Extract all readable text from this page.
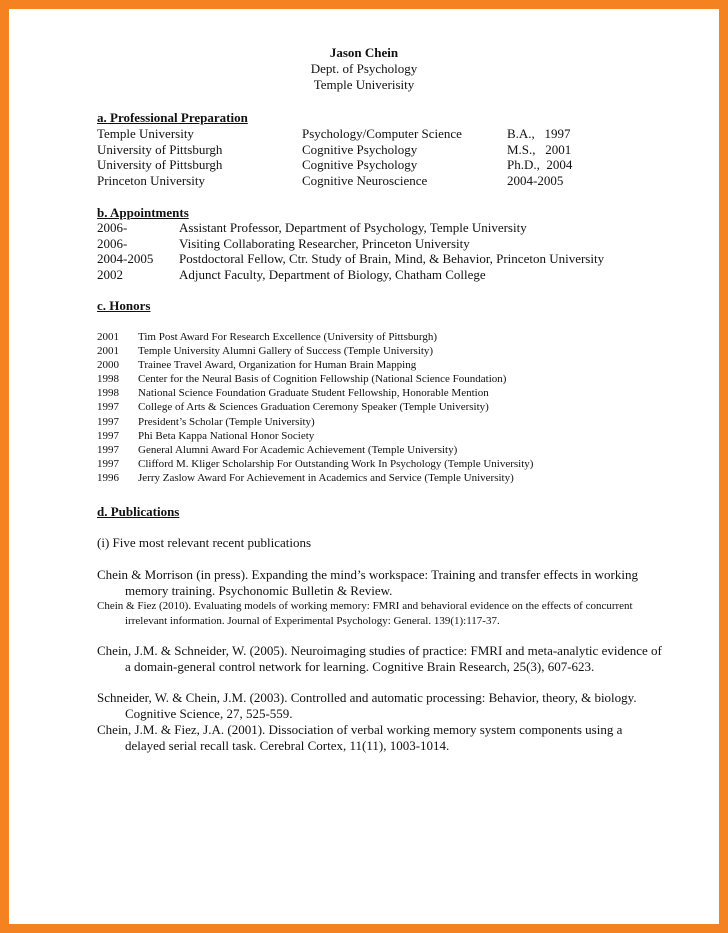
Jason Chein
Dept. of Psychology
Temple Univerisity
a. Professional Preparation
Temple University	Psychology/Computer Science	B.A.,   1997
University of Pittsburgh	Cognitive Psychology	M.S.,   2001
University of Pittsburgh	Cognitive Psychology	Ph.D.,  2004
Princeton University	Cognitive Neuroscience	2004-2005
b. Appointments
2006-	Assistant Professor, Department of Psychology, Temple University
2006-	Visiting Collaborating Researcher, Princeton University
2004-2005 Postdoctoral Fellow, Ctr. Study of Brain, Mind, & Behavior, Princeton University
2002	Adjunct Faculty, Department of Biology, Chatham College
c. Honors
2001 Tim Post Award For Research Excellence (University of Pittsburgh)
2001 Temple University Alumni Gallery of Success (Temple University)
2000 Trainee Travel Award, Organization for Human Brain Mapping
1998 Center for the Neural Basis of Cognition Fellowship (National Science Foundation)
1998 National Science Foundation Graduate Student Fellowship, Honorable Mention
1997 College of Arts & Sciences Graduation Ceremony Speaker (Temple University)
1997 President’s Scholar (Temple University)
1997 Phi Beta Kappa National Honor Society
1997 General Alumni Award For Academic Achievement (Temple University)
1997 Clifford M. Kliger Scholarship For Outstanding Work In Psychology (Temple University)
1996 Jerry Zaslow Award For Achievement in Academics and Service (Temple University)
d. Publications
(i) Five most relevant recent publications
Chein & Morrison (in press). Expanding the mind’s workspace: Training and transfer effects in working memory training. Psychonomic Bulletin & Review.
Chein & Fiez (2010). Evaluating models of working memory: FMRI and behavioral evidence on the effects of concurrent irrelevant information. Journal of Experimental Psychology: General. 139(1):117-37.
Chein, J.M. & Schneider, W. (2005). Neuroimaging studies of practice: FMRI and meta-analytic evidence of a domain-general control network for learning. Cognitive Brain Research, 25(3), 607-623.
Schneider, W. & Chein, J.M. (2003). Controlled and automatic processing: Behavior, theory, & biology. Cognitive Science, 27, 525-559.
Chein, J.M. & Fiez, J.A. (2001). Dissociation of verbal working memory system components using a delayed serial recall task. Cerebral Cortex, 11(11), 1003-1014.
